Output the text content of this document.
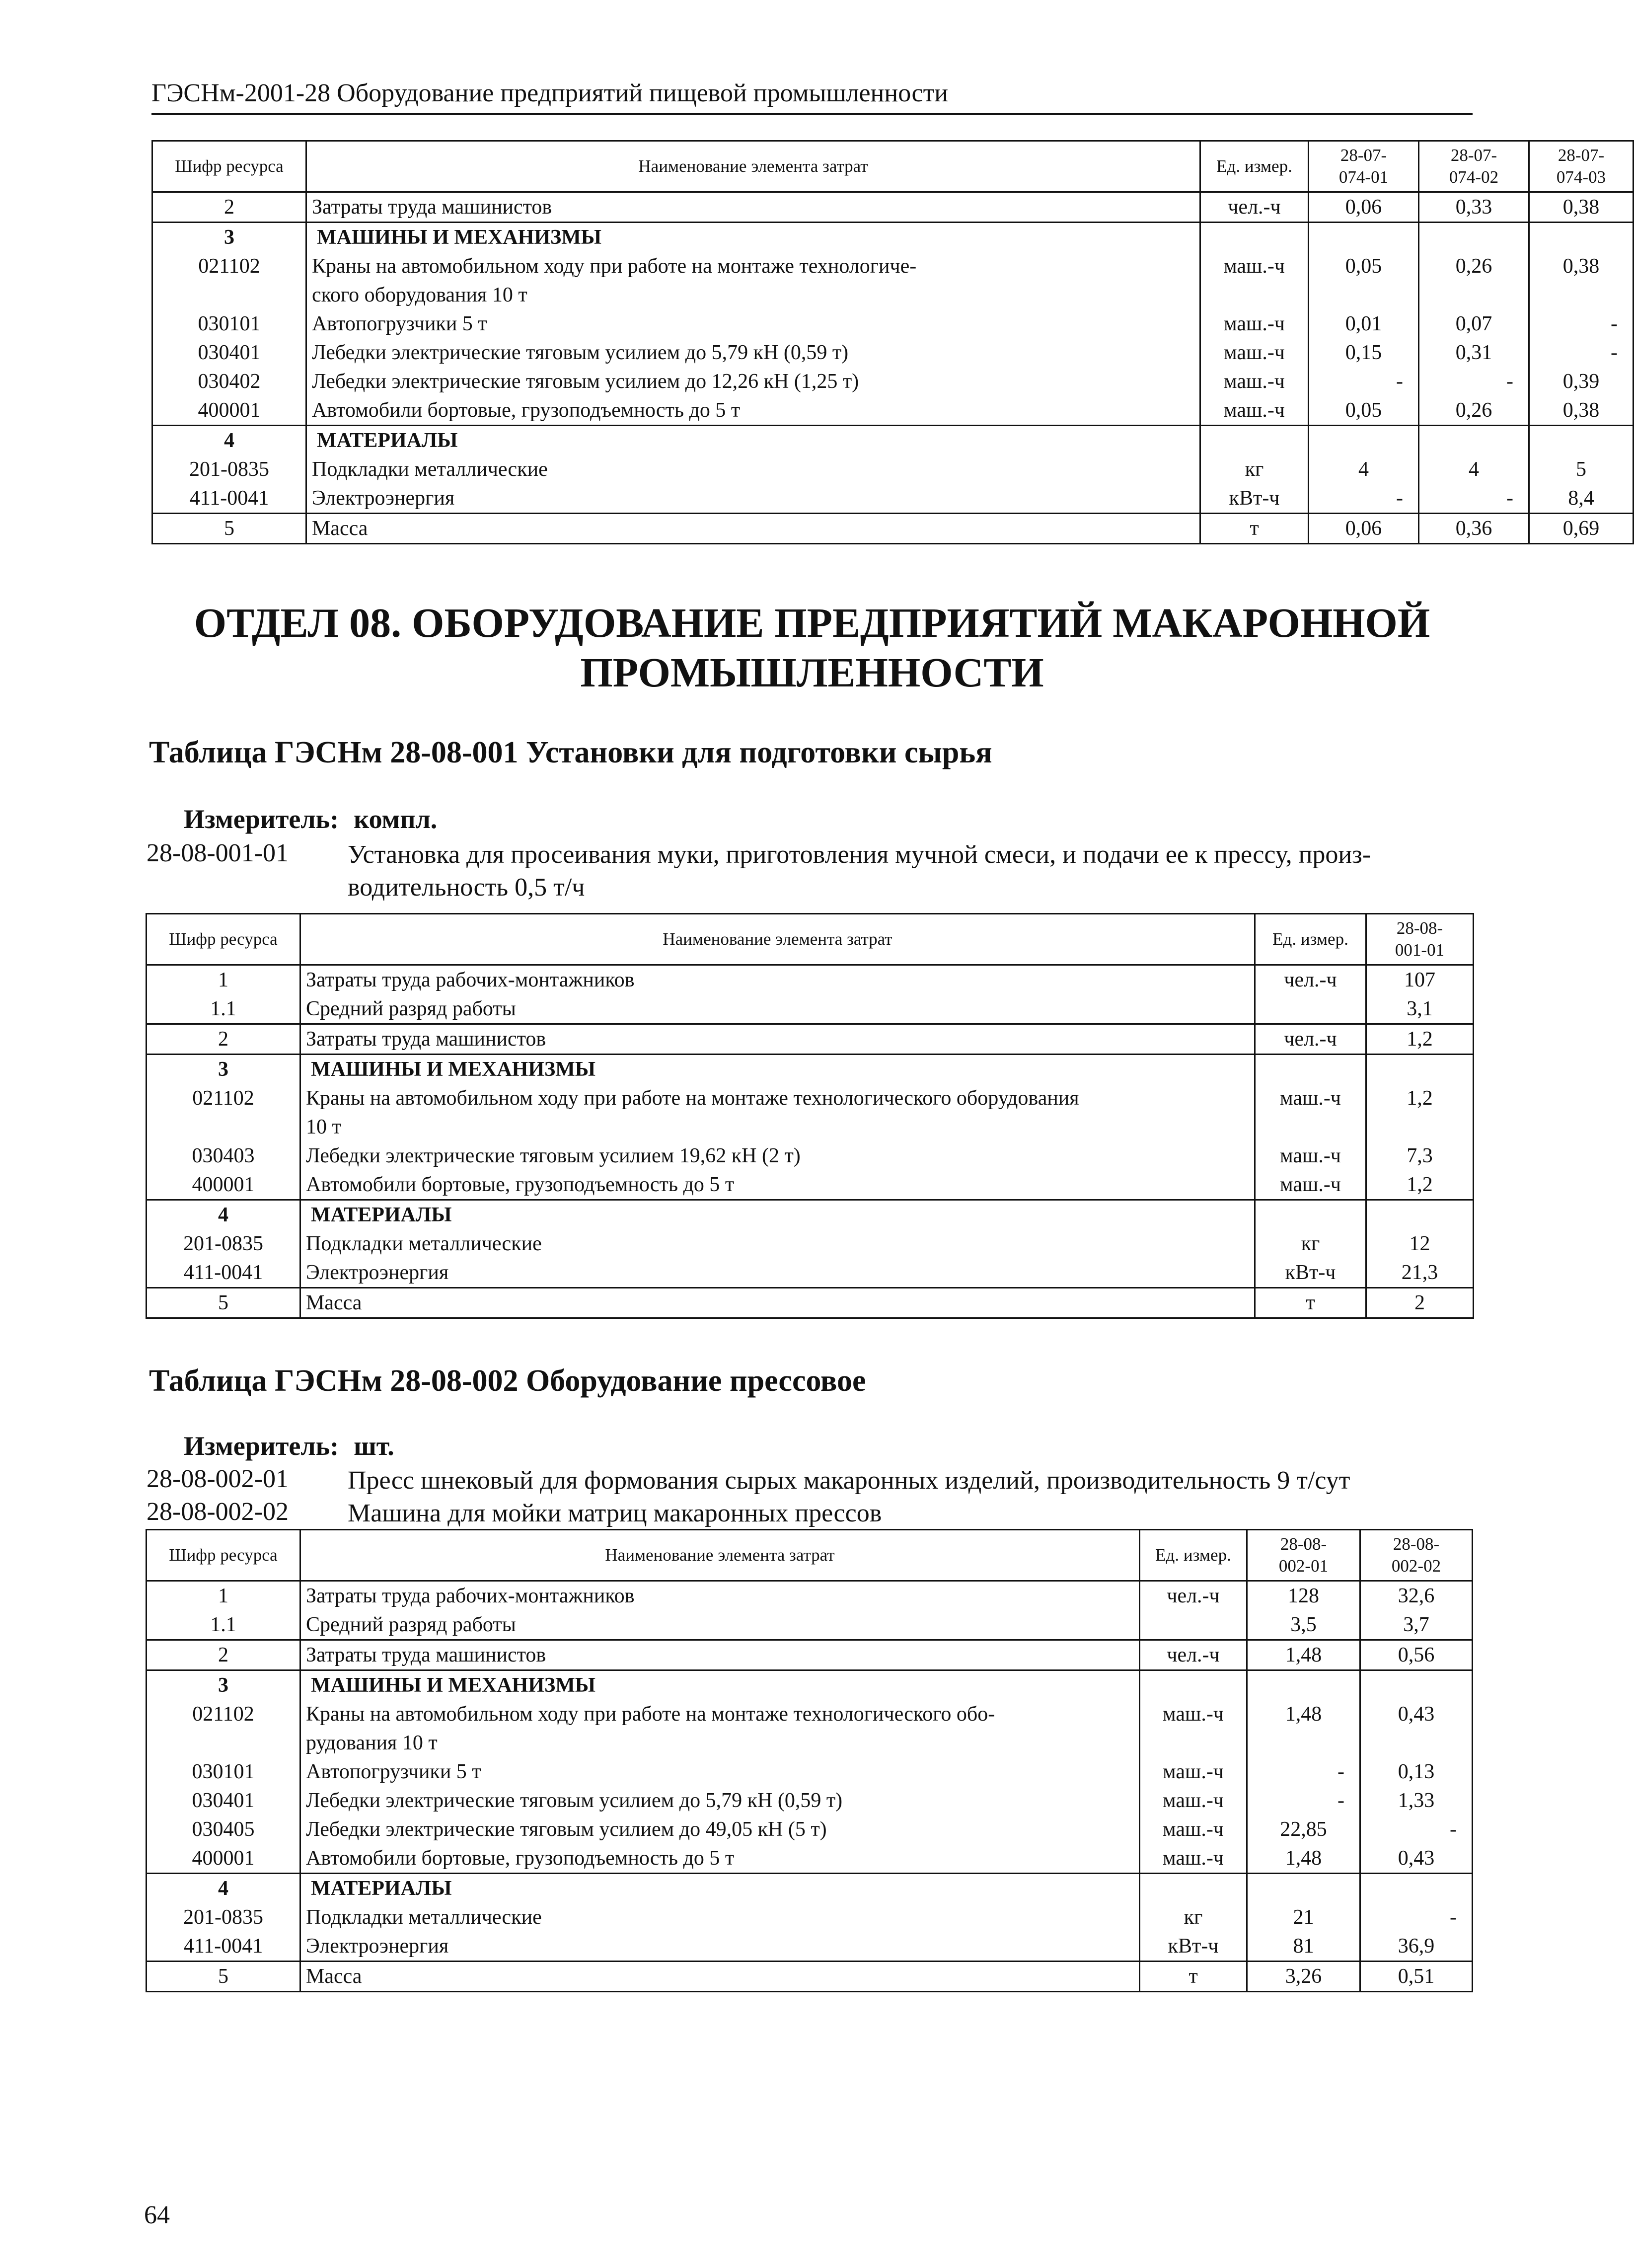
ГЭСНм-2001-28 Оборудование предприятий пищевой промышленности
Шифр ресурса	Наименование элемента затрат	Ед. измер.	28-07-
074-01	28-07-
074-02	28-07-
074-03
2	Затраты труда машинистов	чел.-ч	0,06	0,33	0,38
3	МАШИНЫ И МЕХАНИЗМЫ				
021102	Краны на автомобильном ходу при работе на монтаже технологиче-
ского оборудования 10 т	маш.-ч	0,05	0,26	0,38
030101	Автопогрузчики 5 т	маш.-ч	0,01	0,07	-
030401	Лебедки электрические тяговым усилием до 5,79 кН (0,59 т)	маш.-ч	0,15	0,31	-
030402	Лебедки электрические тяговым усилием до 12,26 кН (1,25 т)	маш.-ч	-	-	0,39
400001	Автомобили бортовые, грузоподъемность до 5 т	маш.-ч	0,05	0,26	0,38
4	МАТЕРИАЛЫ				
201-0835	Подкладки металлические	кг	4	4	5
411-0041	Электроэнергия	кВт-ч	-	-	8,4
5	Масса	т	0,06	0,36	0,69
ОТДЕЛ 08. ОБОРУДОВАНИЕ ПРЕДПРИЯТИЙ МАКАРОННОЙ
ПРОМЫШЛЕННОСТИ
Таблица ГЭСНм 28-08-001 Установки для подготовки сырья
Измеритель: компл.
28-08-001-01 Установка для просеивания муки, приготовления мучной смеси, и подачи ее к прессу, произ-
водительность 0,5 т/ч
Шифр ресурса	Наименование элемента затрат	Ед. измер.	28-08-
001-01
1	Затраты труда рабочих-монтажников	чел.-ч	107
1.1	Средний разряд работы		3,1
2	Затраты труда машинистов	чел.-ч	1,2
3	МАШИНЫ И МЕХАНИЗМЫ		
021102	Краны на автомобильном ходу при работе на монтаже технологического оборудования
10 т	маш.-ч	1,2
030403	Лебедки электрические тяговым усилием 19,62 кН (2 т)	маш.-ч	7,3
400001	Автомобили бортовые, грузоподъемность до 5 т	маш.-ч	1,2
4	МАТЕРИАЛЫ		
201-0835	Подкладки металлические	кг	12
411-0041	Электроэнергия	кВт-ч	21,3
5	Масса	т	2
Таблица ГЭСНм 28-08-002 Оборудование прессовое
Измеритель: шт.
28-08-002-01 Пресс шнековый для формования сырых макаронных изделий, производительность 9 т/сут
28-08-002-02 Машина для мойки матриц макаронных прессов
Шифр ресурса	Наименование элемента затрат	Ед. измер.	28-08-
002-01	28-08-
002-02
1	Затраты труда рабочих-монтажников	чел.-ч	128	32,6
1.1	Средний разряд работы		3,5	3,7
2	Затраты труда машинистов	чел.-ч	1,48	0,56
3	МАШИНЫ И МЕХАНИЗМЫ			
021102	Краны на автомобильном ходу при работе на монтаже технологического обо-
рудования 10 т	маш.-ч	1,48	0,43
030101	Автопогрузчики 5 т	маш.-ч	-	0,13
030401	Лебедки электрические тяговым усилием до 5,79 кН (0,59 т)	маш.-ч	-	1,33
030405	Лебедки электрические тяговым усилием до 49,05 кН (5 т)	маш.-ч	22,85	-
400001	Автомобили бортовые, грузоподъемность до 5 т	маш.-ч	1,48	0,43
4	МАТЕРИАЛЫ			
201-0835	Подкладки металлические	кг	21	-
411-0041	Электроэнергия	кВт-ч	81	36,9
5	Масса	т	3,26	0,51
64
